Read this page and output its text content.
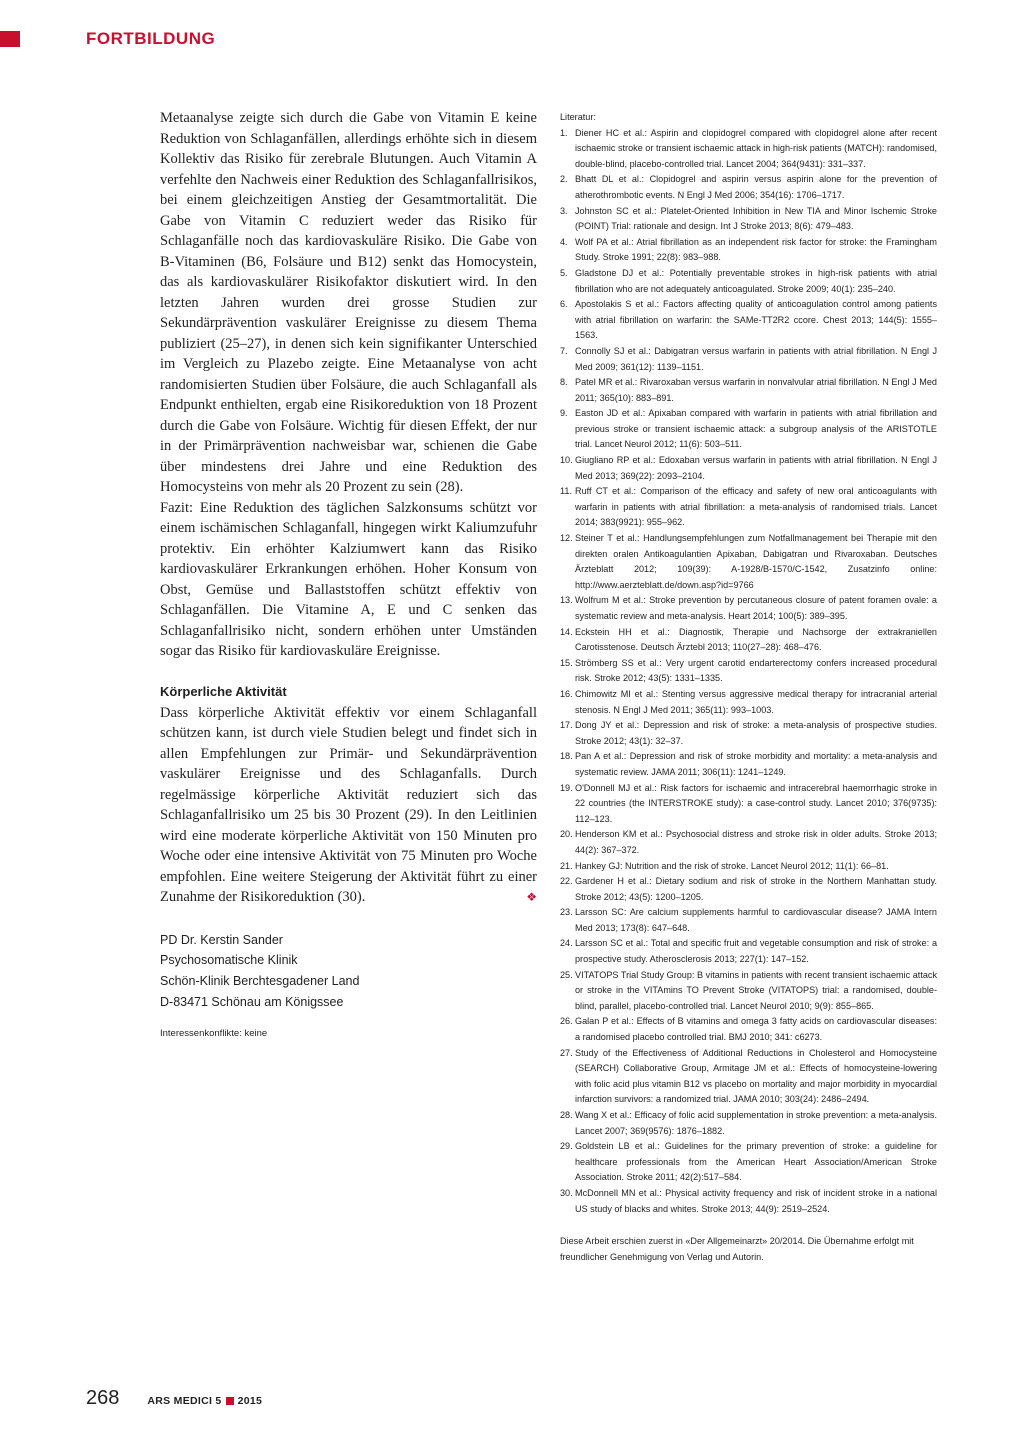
FORTBILDUNG

Metaanalyse zeigte sich durch die Gabe von Vitamin E keine Reduktion von Schlaganfällen, allerdings erhöhte sich in diesem Kollektiv das Risiko für zerebrale Blutungen. Auch Vitamin A verfehlte den Nachweis einer Reduktion des Schlaganfallrisikos, bei einem gleichzeitigen Anstieg der Gesamtmortalität. Die Gabe von Vitamin C reduziert weder das Risiko für Schlaganfälle noch das kardiovaskuläre Risiko. Die Gabe von B-Vitaminen (B6, Folsäure und B12) senkt das Homocystein, das als kardiovaskulärer Risikofaktor diskutiert wird. In den letzten Jahren wurden drei grosse Studien zur Sekundärprävention vaskulärer Ereignisse zu diesem Thema publiziert (25–27), in denen sich kein signifikanter Unterschied im Vergleich zu Plazebo zeigte. Eine Metaanalyse von acht randomisierten Studien über Folsäure, die auch Schlaganfall als Endpunkt enthielten, ergab eine Risikoreduktion von 18 Prozent durch die Gabe von Folsäure. Wichtig für diesen Effekt, der nur in der Primärprävention nachweisbar war, schienen die Gabe über mindestens drei Jahre und eine Reduktion des Homocysteins von mehr als 20 Prozent zu sein (28).

Fazit: Eine Reduktion des täglichen Salzkonsums schützt vor einem ischämischen Schlaganfall, hingegen wirkt Kaliumzufuhr protektiv. Ein erhöhter Kalziumwert kann das Risiko kardiovaskulärer Erkrankungen erhöhen. Hoher Konsum von Obst, Gemüse und Ballaststoffen schützt effektiv von Schlaganfällen. Die Vitamine A, E und C senken das Schlaganfallrisiko nicht, sondern erhöhen unter Umständen sogar das Risiko für kardiovaskuläre Ereignisse.

Körperliche Aktivität

Dass körperliche Aktivität effektiv vor einem Schlaganfall schützen kann, ist durch viele Studien belegt und findet sich in allen Empfehlungen zur Primär- und Sekundärprävention vaskulärer Ereignisse und des Schlaganfalls. Durch regelmässige körperliche Aktivität reduziert sich das Schlaganfallrisiko um 25 bis 30 Prozent (29). In den Leitlinien wird eine moderate körperliche Aktivität von 150 Minuten pro Woche oder eine intensive Aktivität von 75 Minuten pro Woche empfohlen. Eine weitere Steigerung der Aktivität führt zu einer Zunahme der Risikoreduktion (30).	❖

PD Dr. Kerstin Sander
Psychosomatische Klinik
Schön-Klinik Berchtesgadener Land
D-83471 Schönau am Königssee
Interessenkonflikte: keine

Literatur:

1. Diener HC et al.: Aspirin and clopidogrel compared with clopidogrel alone after recent ischaemic stroke or transient ischaemic attack in high-risk patients (MATCH): randomised, double-blind, placebo-controlled trial. Lancet 2004; 364(9431): 331–337.
2. Bhatt DL et al.: Clopidogrel and aspirin versus aspirin alone for the prevention of atherothrombotic events. N Engl J Med 2006; 354(16): 1706–1717.
3. Johnston SC et al.: Platelet-Oriented Inhibition in New TIA and Minor Ischemic Stroke (POINT) Trial: rationale and design. Int J Stroke 2013; 8(6): 479–483.
4. Wolf PA et al.: Atrial fibrillation as an independent risk factor for stroke: the Framingham Study. Stroke 1991; 22(8): 983–988.
5. Gladstone DJ et al.: Potentially preventable strokes in high-risk patients with atrial fibrillation who are not adequately anticoagulated. Stroke 2009; 40(1): 235–240.
6. Apostolakis S et al.: Factors affecting quality of anticoagulation control among patients with atrial fibrillation on warfarin: the SAMe-TT2R2 ccore. Chest 2013; 144(5): 1555–1563.
7. Connolly SJ et al.: Dabigatran versus warfarin in patients with atrial fibrillation. N Engl J Med 2009; 361(12): 1139–1151.
8. Patel MR et al.: Rivaroxaban versus warfarin in nonvalvular atrial fibrillation. N Engl J Med 2011; 365(10): 883–891.
9. Easton JD et al.: Apixaban compared with warfarin in patients with atrial fibrillation and previous stroke or transient ischaemic attack: a subgroup analysis of the ARISTOTLE trial. Lancet Neurol 2012; 11(6): 503–511.
10. Giugliano RP et al.: Edoxaban versus warfarin in patients with atrial fibrillation. N Engl J Med 2013; 369(22): 2093–2104.
11. Ruff CT et al.: Comparison of the efficacy and safety of new oral anticoagulants with warfarin in patients with atrial fibrillation: a meta-analysis of randomised trials. Lancet 2014; 383(9921): 955–962.
12. Steiner T et al.: Handlungsempfehlungen zum Notfallmanagement bei Therapie mit den direkten oralen Antikoagulantien Apixaban, Dabigatran und Rivaroxaban. Deutsches Ärzteblatt 2012; 109(39): A-1928/B-1570/C-1542, Zusatzinfo online: http://www.aerzteblatt.de/down.asp?id=9766
13. Wolfrum M et al.: Stroke prevention by percutaneous closure of patent foramen ovale: a systematic review and meta-analysis. Heart 2014; 100(5): 389–395.
14. Eckstein HH et al.: Diagnostik, Therapie und Nachsorge der extrakraniellen Carotisstenose. Deutsch Ärztebl 2013; 110(27–28): 468–476.
15. Strömberg SS et al.: Very urgent carotid endarterectomy confers increased procedural risk. Stroke 2012; 43(5): 1331–1335.
16. Chimowitz MI et al.: Stenting versus aggressive medical therapy for intracranial arterial stenosis. N Engl J Med 2011; 365(11): 993–1003.
17. Dong JY et al.: Depression and risk of stroke: a meta-analysis of prospective studies. Stroke 2012; 43(1): 32–37.
18. Pan A et al.: Depression and risk of stroke morbidity and mortality: a meta-analysis and systematic review. JAMA 2011; 306(11): 1241–1249.
19. O'Donnell MJ et al.: Risk factors for ischaemic and intracerebral haemorrhagic stroke in 22 countries (the INTERSTROKE study): a case-control study. Lancet 2010; 376(9735): 112–123.
20. Henderson KM et al.: Psychosocial distress and stroke risk in older adults. Stroke 2013; 44(2): 367–372.
21. Hankey GJ: Nutrition and the risk of stroke. Lancet Neurol 2012; 11(1): 66–81.
22. Gardener H et al.: Dietary sodium and risk of stroke in the Northern Manhattan study. Stroke 2012; 43(5): 1200–1205.
23. Larsson SC: Are calcium supplements harmful to cardiovascular disease? JAMA Intern Med 2013; 173(8): 647–648.
24. Larsson SC et al.: Total and specific fruit and vegetable consumption and risk of stroke: a prospective study. Atherosclerosis 2013; 227(1): 147–152.
25. VITATOPS Trial Study Group: B vitamins in patients with recent transient ischaemic attack or stroke in the VITAmins TO Prevent Stroke (VITATOPS) trial: a randomised, double-blind, parallel, placebo-controlled trial. Lancet Neurol 2010; 9(9): 855–865.
26. Galan P et al.: Effects of B vitamins and omega 3 fatty acids on cardiovascular diseases: a randomised placebo controlled trial. BMJ 2010; 341: c6273.
27. Study of the Effectiveness of Additional Reductions in Cholesterol and Homocysteine (SEARCH) Collaborative Group, Armitage JM et al.: Effects of homocysteine-lowering with folic acid plus vitamin B12 vs placebo on mortality and major morbidity in myocardial infarction survivors: a randomized trial. JAMA 2010; 303(24): 2486–2494.
28. Wang X et al.: Efficacy of folic acid supplementation in stroke prevention: a meta-analysis. Lancet 2007; 369(9576): 1876–1882.
29. Goldstein LB et al.: Guidelines for the primary prevention of stroke: a guideline for healthcare professionals from the American Heart Association/American Stroke Association. Stroke 2011; 42(2):517–584.
30. McDonnell MN et al.: Physical activity frequency and risk of incident stroke in a national US study of blacks and whites. Stroke 2013; 44(9): 2519–2524.
Diese Arbeit erschien zuerst in «Der Allgemeinarzt» 20/2014. Die Übernahme erfolgt mit freundlicher Genehmigung von Verlag und Autorin.
268	ARS MEDICI 5 2015
